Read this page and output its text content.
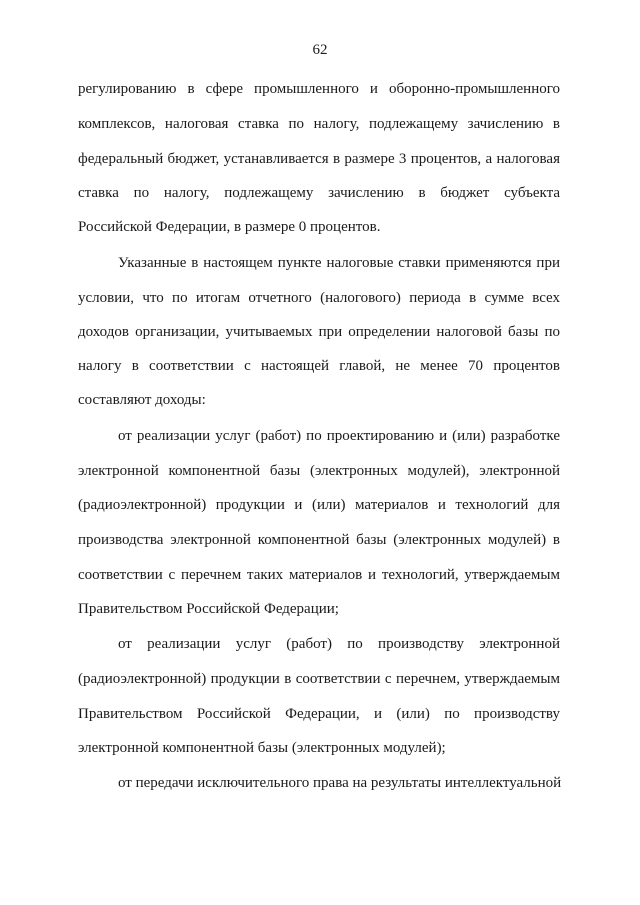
62
регулированию в сфере промышленного и оборонно-промышленного
комплексов, налоговая ставка по налогу, подлежащему зачислению в
федеральный бюджет, устанавливается в размере 3 процентов, а налоговая
ставка по налогу, подлежащему зачислению в бюджет субъекта
Российской Федерации, в размере 0 процентов.
Указанные в настоящем пункте налоговые ставки применяются при
условии, что по итогам отчетного (налогового) периода в сумме всех
доходов организации, учитываемых при определении налоговой базы по
налогу в соответствии с настоящей главой, не менее 70 процентов
составляют доходы:
от реализации услуг (работ) по проектированию и (или) разработке
электронной компонентной базы (электронных модулей), электронной
(радиоэлектронной) продукции и (или) материалов и технологий для
производства электронной компонентной базы (электронных модулей) в
соответствии с перечнем таких материалов и технологий, утверждаемым
Правительством Российской Федерации;
от реализации услуг (работ) по производству электронной
(радиоэлектронной) продукции в соответствии с перечнем, утверждаемым
Правительством Российской Федерации, и (или) по производству
электронной компонентной базы (электронных модулей);
от передачи исключительного права на результаты интеллектуальной
